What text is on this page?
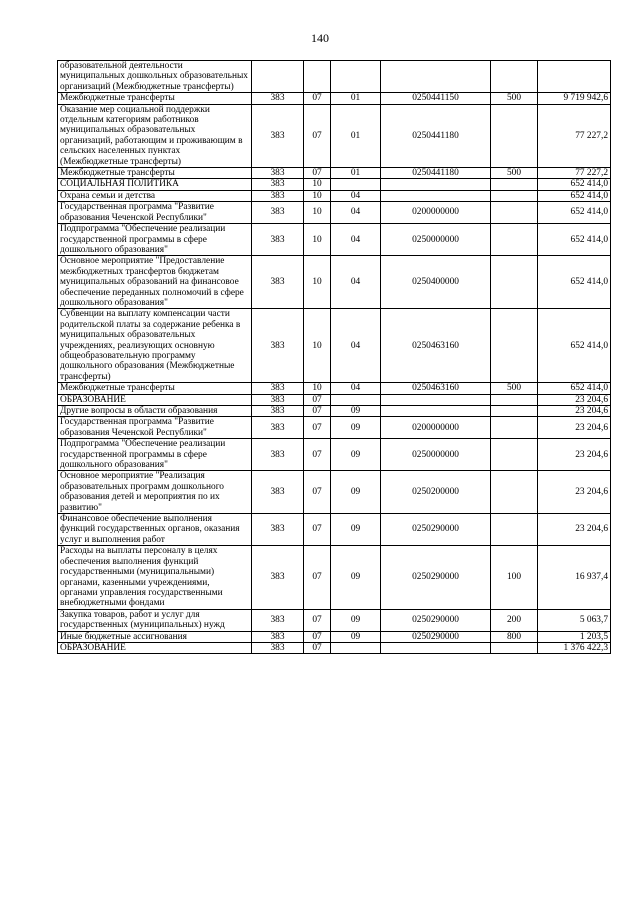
140
образовательной деятельности муниципальных дошкольных образовательных организаций (Межбюджетные трансферты)						
Межбюджетные трансферты	383	07	01	0250441150	500	9 719 942,6
Оказание мер социальной поддержки отдельным категориям работников муниципальных образовательных организаций, работающим и проживающим в сельских населенных пунктах (Межбюджетные трансферты)	383	07	01	0250441180		77 227,2
Межбюджетные трансферты	383	07	01	0250441180	500	77 227,2
СОЦИАЛЬНАЯ ПОЛИТИКА	383	10				652 414,0
Охрана семьи и детства	383	10	04			652 414,0
Государственная программа "Развитие образования Чеченской Республики"	383	10	04	0200000000		652 414,0
Подпрограмма "Обеспечение реализации государственной программы в сфере дошкольного образования"	383	10	04	0250000000		652 414,0
Основное мероприятие "Предоставление межбюджетных трансфертов бюджетам муниципальных образований на финансовое обеспечение переданных полномочий в сфере дошкольного образования"	383	10	04	0250400000		652 414,0
Субвенции на выплату компенсации части родительской платы за содержание ребенка в муниципальных образовательных учреждениях, реализующих основную общеобразовательную программу дошкольного образования (Межбюджетные трансферты)	383	10	04	0250463160		652 414,0
Межбюджетные трансферты	383	10	04	0250463160	500	652 414,0
ОБРАЗОВАНИЕ	383	07				23 204,6
Другие вопросы в области образования	383	07	09			23 204,6
Государственная программа "Развитие образования Чеченской Республики"	383	07	09	0200000000		23 204,6
Подпрограмма "Обеспечение реализации государственной программы в сфере дошкольного образования"	383	07	09	0250000000		23 204,6
Основное мероприятие "Реализация образовательных программ дошкольного образования детей и мероприятия по их развитию"	383	07	09	0250200000		23 204,6
Финансовое обеспечение выполнения функций государственных органов, оказания услуг и выполнения работ	383	07	09	0250290000		23 204,6
Расходы на выплаты персоналу в целях обеспечения выполнения функций государственными (муниципальными) органами, казенными учреждениями, органами управления государственными внебюджетными фондами	383	07	09	0250290000	100	16 937,4
Закупка товаров, работ и услуг для государственных (муниципальных) нужд	383	07	09	0250290000	200	5 063,7
Иные бюджетные ассигнования	383	07	09	0250290000	800	1 203,5
ОБРАЗОВАНИЕ	383	07				1 376 422,3
